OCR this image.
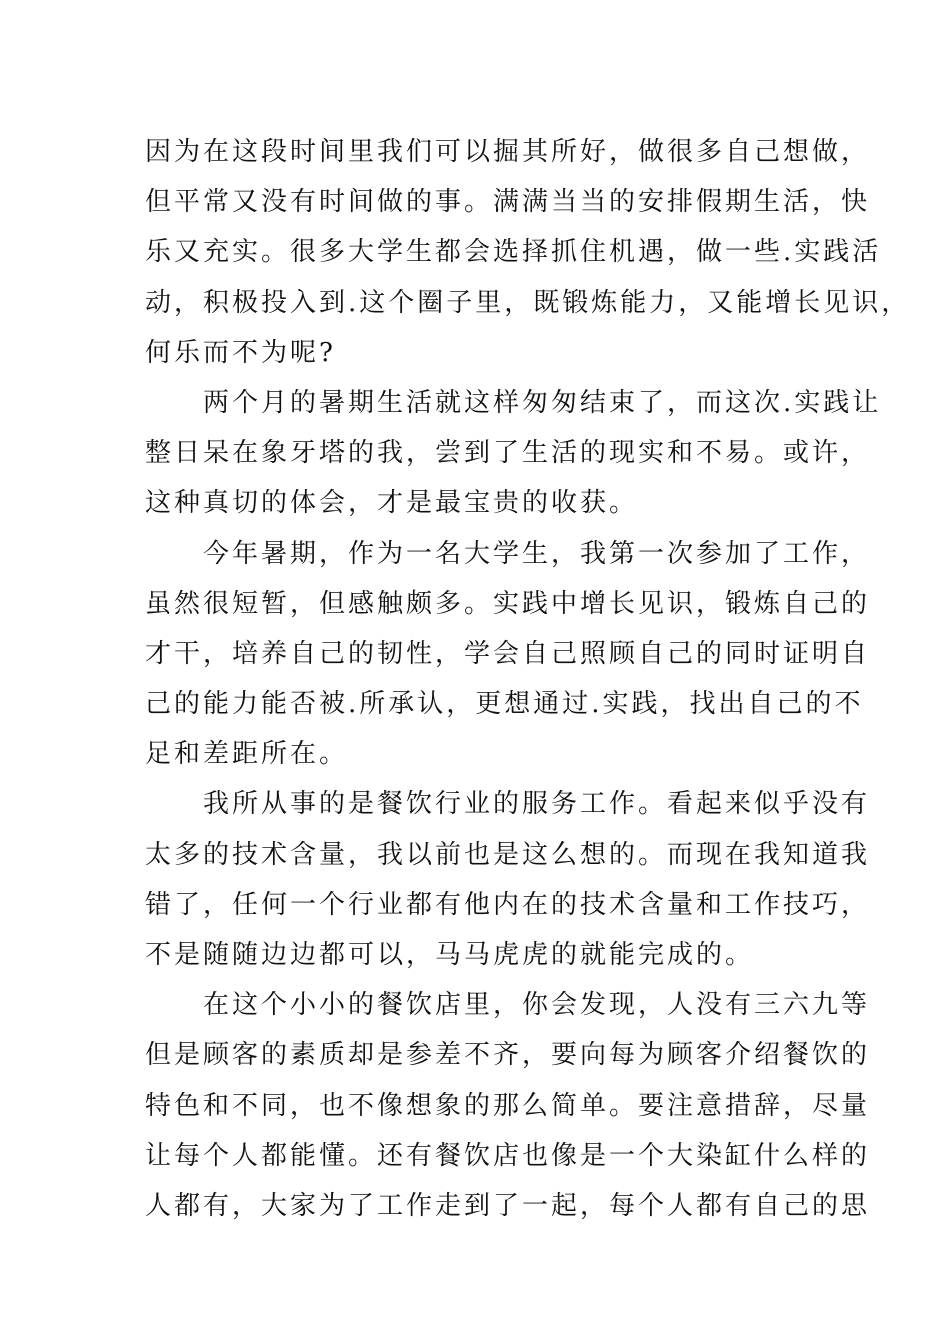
因为在这段时间里我们可以掘其所好，做很多自己想做，
但平常又没有时间做的事。满满当当的安排假期生活，快
乐又充实。很多大学生都会选择抓住机遇，做一些.实践活
动，积极投入到.这个圈子里，既锻炼能力，又能增长见识，
何乐而不为呢?
　　两个月的暑期生活就这样匆匆结束了，而这次.实践让
整日呆在象牙塔的我，尝到了生活的现实和不易。或许，
这种真切的体会，才是最宝贵的收获。
　　今年暑期，作为一名大学生，我第一次参加了工作，
虽然很短暂，但感触颇多。实践中增长见识，锻炼自己的
才干，培养自己的韧性，学会自己照顾自己的同时证明自
己的能力能否被.所承认，更想通过.实践，找出自己的不
足和差距所在。
　　我所从事的是餐饮行业的服务工作。看起来似乎没有
太多的技术含量，我以前也是这么想的。而现在我知道我
错了，任何一个行业都有他内在的技术含量和工作技巧，
不是随随边边都可以，马马虎虎的就能完成的。
　　在这个小小的餐饮店里，你会发现，人没有三六九等
但是顾客的素质却是参差不齐，要向每为顾客介绍餐饮的
特色和不同，也不像想象的那么简单。要注意措辞，尽量
让每个人都能懂。还有餐饮店也像是一个大染缸什么样的
人都有，大家为了工作走到了一起，每个人都有自己的思
